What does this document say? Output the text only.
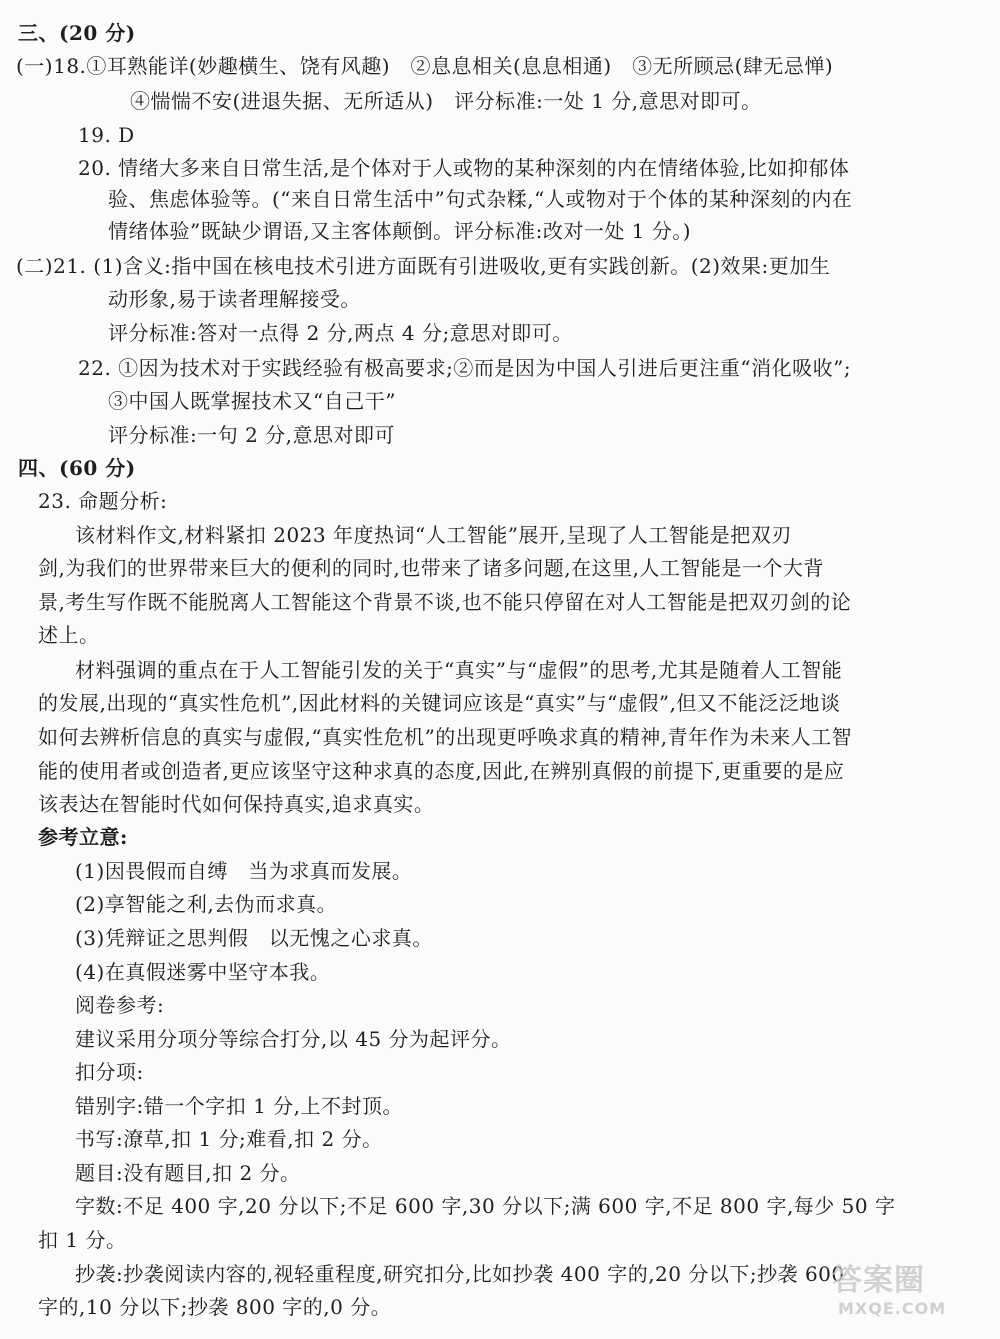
三、(20 分)
(一)18.①耳熟能详(妙趣横生、饶有风趣)　②息息相关(息息相通)　③无所顾忌(肆无忌惮)
④惴惴不安(进退失据、无所适从)　评分标准:一处 1 分,意思对即可。
19. D
20. 情绪大多来自日常生活,是个体对于人或物的某种深刻的内在情绪体验,比如抑郁体
验、焦虑体验等。(“来自日常生活中”句式杂糅,“人或物对于个体的某种深刻的内在
情绪体验”既缺少谓语,又主客体颠倒。评分标准:改对一处 1 分。)
(二)21. (1)含义:指中国在核电技术引进方面既有引进吸收,更有实践创新。(2)效果:更加生
动形象,易于读者理解接受。
评分标准:答对一点得 2 分,两点 4 分;意思对即可。
22. ①因为技术对于实践经验有极高要求;②而是因为中国人引进后更注重“消化吸收”;
③中国人既掌握技术又“自己干”
评分标准:一句 2 分,意思对即可
四、(60 分)
23. 命题分析:
该材料作文,材料紧扣 2023 年度热词“人工智能”展开,呈现了人工智能是把双刃
剑,为我们的世界带来巨大的便利的同时,也带来了诸多问题,在这里,人工智能是一个大背
景,考生写作既不能脱离人工智能这个背景不谈,也不能只停留在对人工智能是把双刃剑的论
述上。
材料强调的重点在于人工智能引发的关于“真实”与“虚假”的思考,尤其是随着人工智能
的发展,出现的“真实性危机”,因此材料的关键词应该是“真实”与“虚假”,但又不能泛泛地谈
如何去辨析信息的真实与虚假,“真实性危机”的出现更呼唤求真的精神,青年作为未来人工智
能的使用者或创造者,更应该坚守这种求真的态度,因此,在辨别真假的前提下,更重要的是应
该表达在智能时代如何保持真实,追求真实。
参考立意:
(1)因畏假而自缚　当为求真而发展。
(2)享智能之利,去伪而求真。
(3)凭辩证之思判假　以无愧之心求真。
(4)在真假迷雾中坚守本我。
阅卷参考:
建议采用分项分等综合打分,以 45 分为起评分。
扣分项:
错别字:错一个字扣 1 分,上不封顶。
书写:潦草,扣 1 分;难看,扣 2 分。
题目:没有题目,扣 2 分。
字数:不足 400 字,20 分以下;不足 600 字,30 分以下;满 600 字,不足 800 字,每少 50 字
扣 1 分。
抄袭:抄袭阅读内容的,视轻重程度,研究扣分,比如抄袭 400 字的,20 分以下;抄袭 600
字的,10 分以下;抄袭 800 字的,0 分。
答案圈
MXQE.COM
